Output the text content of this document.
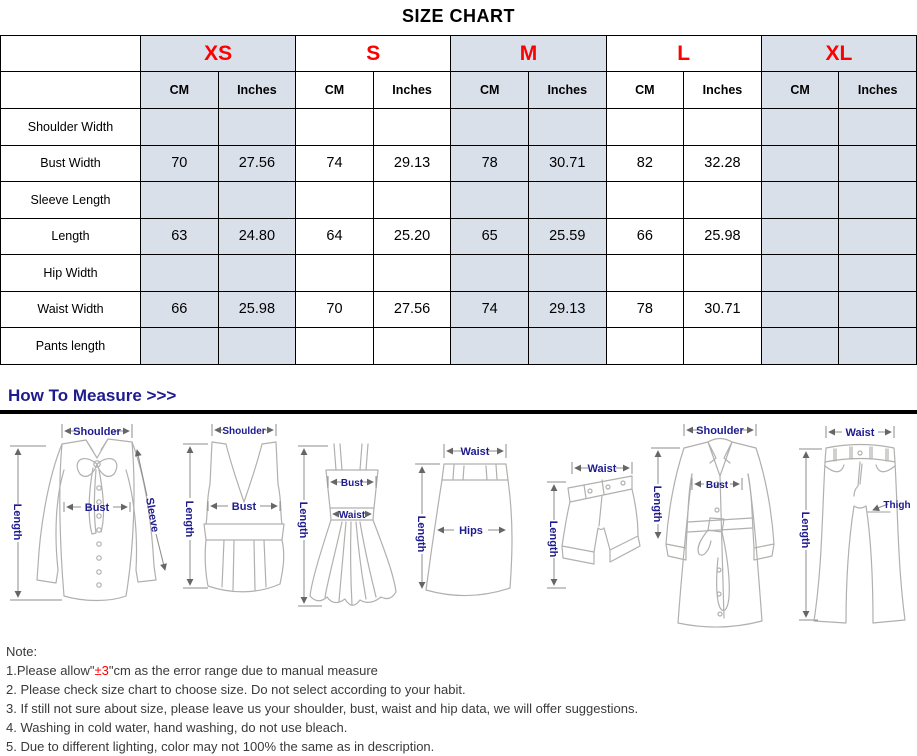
SIZE CHART
	XS		S		M		L		XL	
	CM	Inches	CM	Inches	CM	Inches	CM	Inches	CM	Inches
Shoulder Width										
Bust Width	70	27.56	74	29.13	78	30.71	82	32.28		
Sleeve Length										
Length	63	24.80	64	25.20	65	25.59	66	25.98		
Hip Width										
Waist Width	66	25.98	70	27.56	74	29.13	78	30.71		
Pants length										
How To Measure >>>
Shoulder
Length	Bust	Sleeve
Shoulder
Length	Bust	Length
Bust
Waist
Waist
Length	Hips
Waist
Length
Shoulder
Length
Bust
Waist
Length
Thigh
Note:
1.Please allow"±3"cm as the error range due to manual measure
2. Please check size chart to choose size. Do not select according to your habit.
3. If still not sure about size, please leave us your shoulder, bust, waist and hip data, we will offer suggestions.
4. Washing in cold water, hand washing, do not use bleach.
5. Due to different lighting, color may not 100% the same as in description.
